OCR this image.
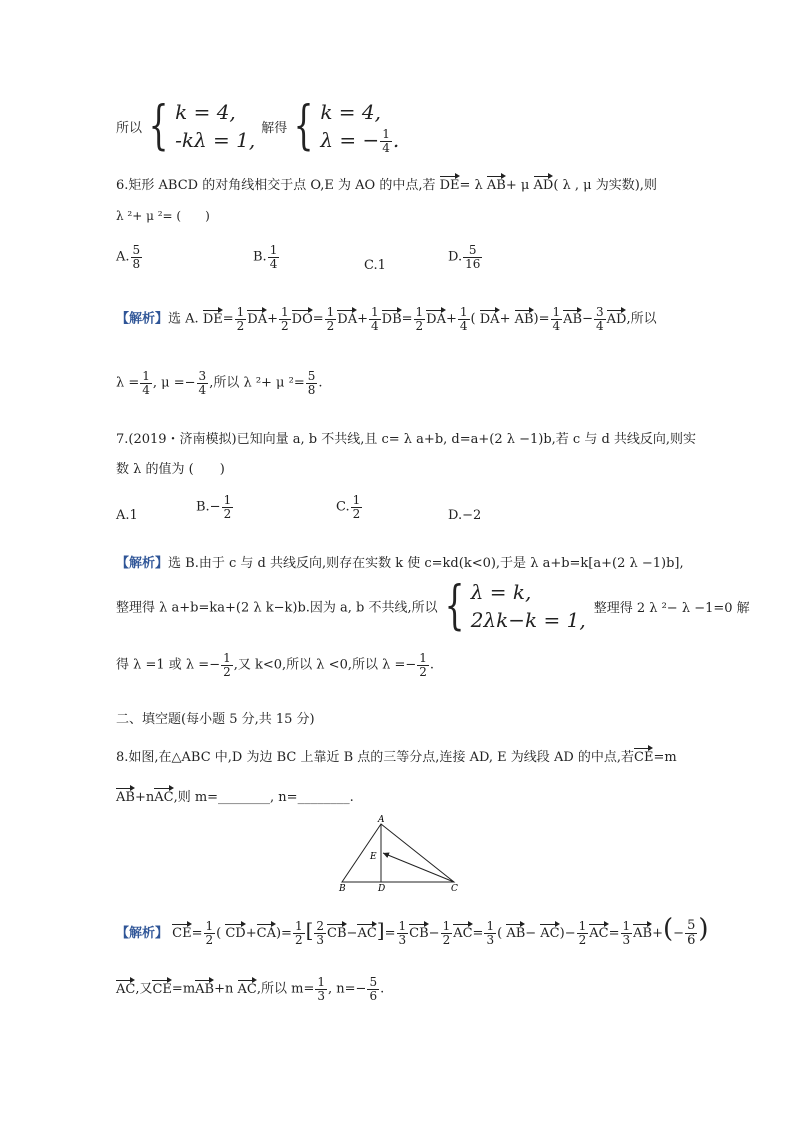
所以 { k = 4,
-kλ = 1, 解得 { k = 4,
λ = − $\frac{1}{4}$ .
6.矩形 ABCD 的对角线相交于点 O,E 为 AO 的中点,若 DE= λ AB+ μ AD( λ , μ 为实数),则
λ ²+ μ ²= (　　)
A. $\frac{5}{8}$	B. $\frac{1}{4}$	C.1
D. $\frac{5}{16}$
【解析】选 A. $DE= \frac{1}{2} DA+ \frac{1}{2} DO= \frac{1}{2} DA+ \frac{1}{4} DB= \frac{1}{2} DA+ \frac{1}{4}$ ( $DA+ AB)= \frac{1}{4} AB- \frac{3}{4}$ AD,所以
$\lambda = \frac{1}{4}$ , $\mu =- \frac{3}{4}$ ,所以 λ ²+ μ $^2= \frac{5}{8}$ .
7.(2019・济南模拟)已知向量 a, b 不共线,且 c= λ a+b, d=a+(2 λ −1)b,若 c 与 d 共线反向,则实
数 λ 的值为 (　　)
A.1
$B.- \frac{1}{2}$	C. $\frac{1}{2}$	D.−2
【解析】选 B.由于 c 与 d 共线反向,则存在实数 k 使 c=kd(k<0),于是 λ a+b=k[a+(2 λ −1)b],
整理得 λ a+b=ka+(2 λ k−k)b.因为 a, b 不共线,所以 { λ = k,
2λk−k = 1, 整理得 2 λ ²− λ −1=0 解
得 λ =1 或 $\lambda =- \frac{1}{2}$ ,又 k<0,所以 λ <0,所以 $\lambda =- \frac{1}{2}$ .
二、填空题(每小题 5 分,共 15 分)
8.如图,在△ABC 中,D 为边 BC 上靠近 B 点的三等分点,连接 AD, E 为线段 AD 的中点,若CE=m
AB+nAC,则 m=________, n=________.
A
E
B	D	C
【解析】 $CE= \frac{1}{2}$ ( $CD+CA)= \frac{1}{2}$ [ $\frac{2}{3} CB-AC]= \frac{1}{3} CB- \frac{1}{2} AC= \frac{1}{3}$ ( $AB- AC)- \frac{1}{2} AC= \frac{1}{3} AB+(- \frac{5}{6}$ )
AC,又CE=mAB+n AC,所以 $m= \frac{1}{3}$ , $n=- \frac{5}{6}$ .
